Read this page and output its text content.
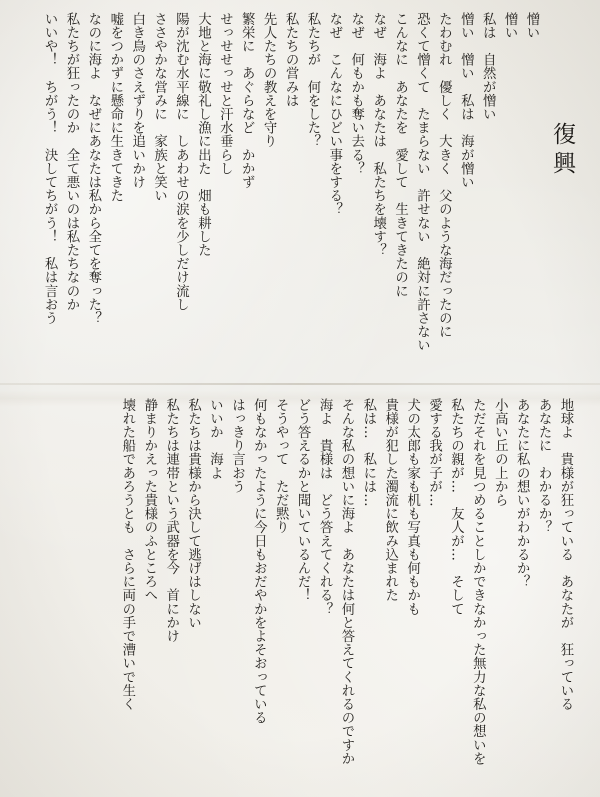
復興
憎い
憎い
私は　自然が憎い
憎い　憎い　私は　海が憎い
たわむれ　優しく　大きく　父のような海だったのに
恐くて憎くて　たまらない　許せない　絶対に許さない
こんなに　あなたを　愛して　生きてきたのに
なぜ　海よ　あなたは　私たちを壊す？
なぜ　何もかも奪い去る？
なぜ　こんなにひどい事をする？
私たちが　何をした？
私たちの営みは
先人たちの教えを守り
繁栄に　あぐらなど　かかず
せっせせっせと汗水垂らし
大地と海に敬礼し漁に出た　畑も耕した
陽が沈む水平線に　しあわせの涙を少しだけ流し
ささやかな営みに　家族と笑い
白き鳥のさえずりを追いかけ
嘘をつかずに懸命に生きてきた
なのに海よ　なぜにあなたは私から全てを奪った？
私たちが狂ったのか　全て悪いのは私たちなのか
いいや！　ちがう！　決してちがう！　私は言おう
地球よ　貴様が狂っている　あなたが　狂っている
あなたに　わかるか？
あなたに私の想いがわかるか？
小高い丘の上から
ただそれを見つめることしかできなかった無力な私の想いを
私たちの親が…　友人が…　そして
愛する我が子が…
犬の太郎も家も机も写真も何もかも
貴様が犯した濁流に飲み込まれた
私は…　私には…
そんな私の想いに海よ　あなたは何と答えてくれるのですか
海よ　貴様は　どう答えてくれる？
どう答えるかと聞いているんだ！
そうやって　ただ黙り
何もなかったように今日もおだやかをよそおっている
はっきり言おう
いいか　海よ
私たちは貴様から決して逃げはしない
私たちは連帯という武器を今　首にかけ
静まりかえった貴様のふところへ
壊れた船であろうとも　さらに両の手で漕いで生く
